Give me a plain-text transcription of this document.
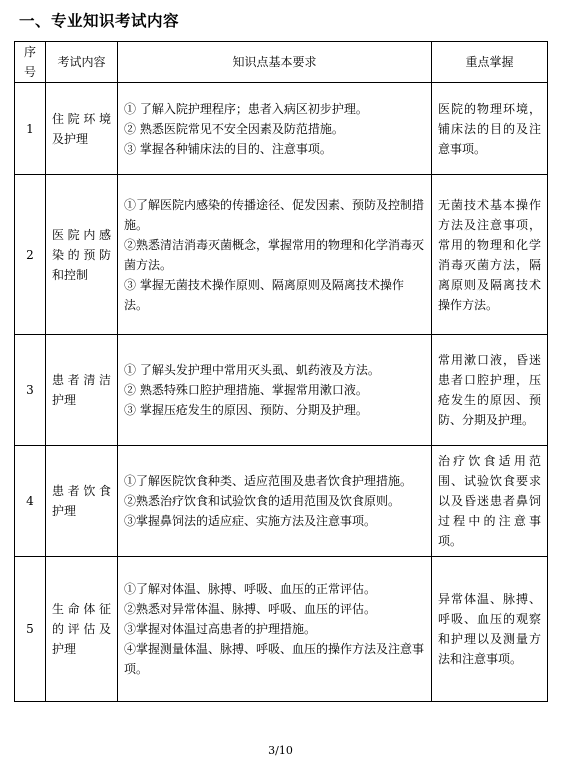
一、专业知识考试内容
序号	考试内容	知识点基本要求	重点掌握
1	住院环境及护理	① 了解入院护理程序；患者入病区初步护理。
② 熟悉医院常见不安全因素及防范措施。
③ 掌握各种铺床法的目的、注意事项。	医院的物理环境，铺床法的目的及注意事项。
2	医院内感染的预防和控制	①了解医院内感染的传播途径、促发因素、预防及控制措施。
②熟悉清洁消毒灭菌概念，掌握常用的物理和化学消毒灭菌方法。
③ 掌握无菌技术操作原则、隔离原则及隔离技术操作法。	无菌技术基本操作方法及注意事项，常用的物理和化学消毒灭菌方法，隔离原则及隔离技术操作方法。
3	患者清洁护理	① 了解头发护理中常用灭头虱、虮药液及方法。
② 熟悉特殊口腔护理措施、掌握常用漱口液。
③ 掌握压疮发生的原因、预防、分期及护理。	常用漱口液，昏迷患者口腔护理，压疮发生的原因、预防、分期及护理。
4	患者饮食护理	①了解医院饮食种类、适应范围及患者饮食护理措施。
②熟悉治疗饮食和试验饮食的适用范围及饮食原则。
③掌握鼻饲法的适应症、实施方法及注意事项。	治疗饮食适用范围、试验饮食要求以及昏迷患者鼻饲过程中的注意事项。
5	生命体征的评估及护理	①了解对体温、脉搏、呼吸、血压的正常评估。
②熟悉对异常体温、脉搏、呼吸、血压的评估。
③掌握对体温过高患者的护理措施。
④掌握测量体温、脉搏、呼吸、血压的操作方法及注意事项。	异常体温、脉搏、呼吸、血压的观察和护理以及测量方法和注意事项。
3/10
